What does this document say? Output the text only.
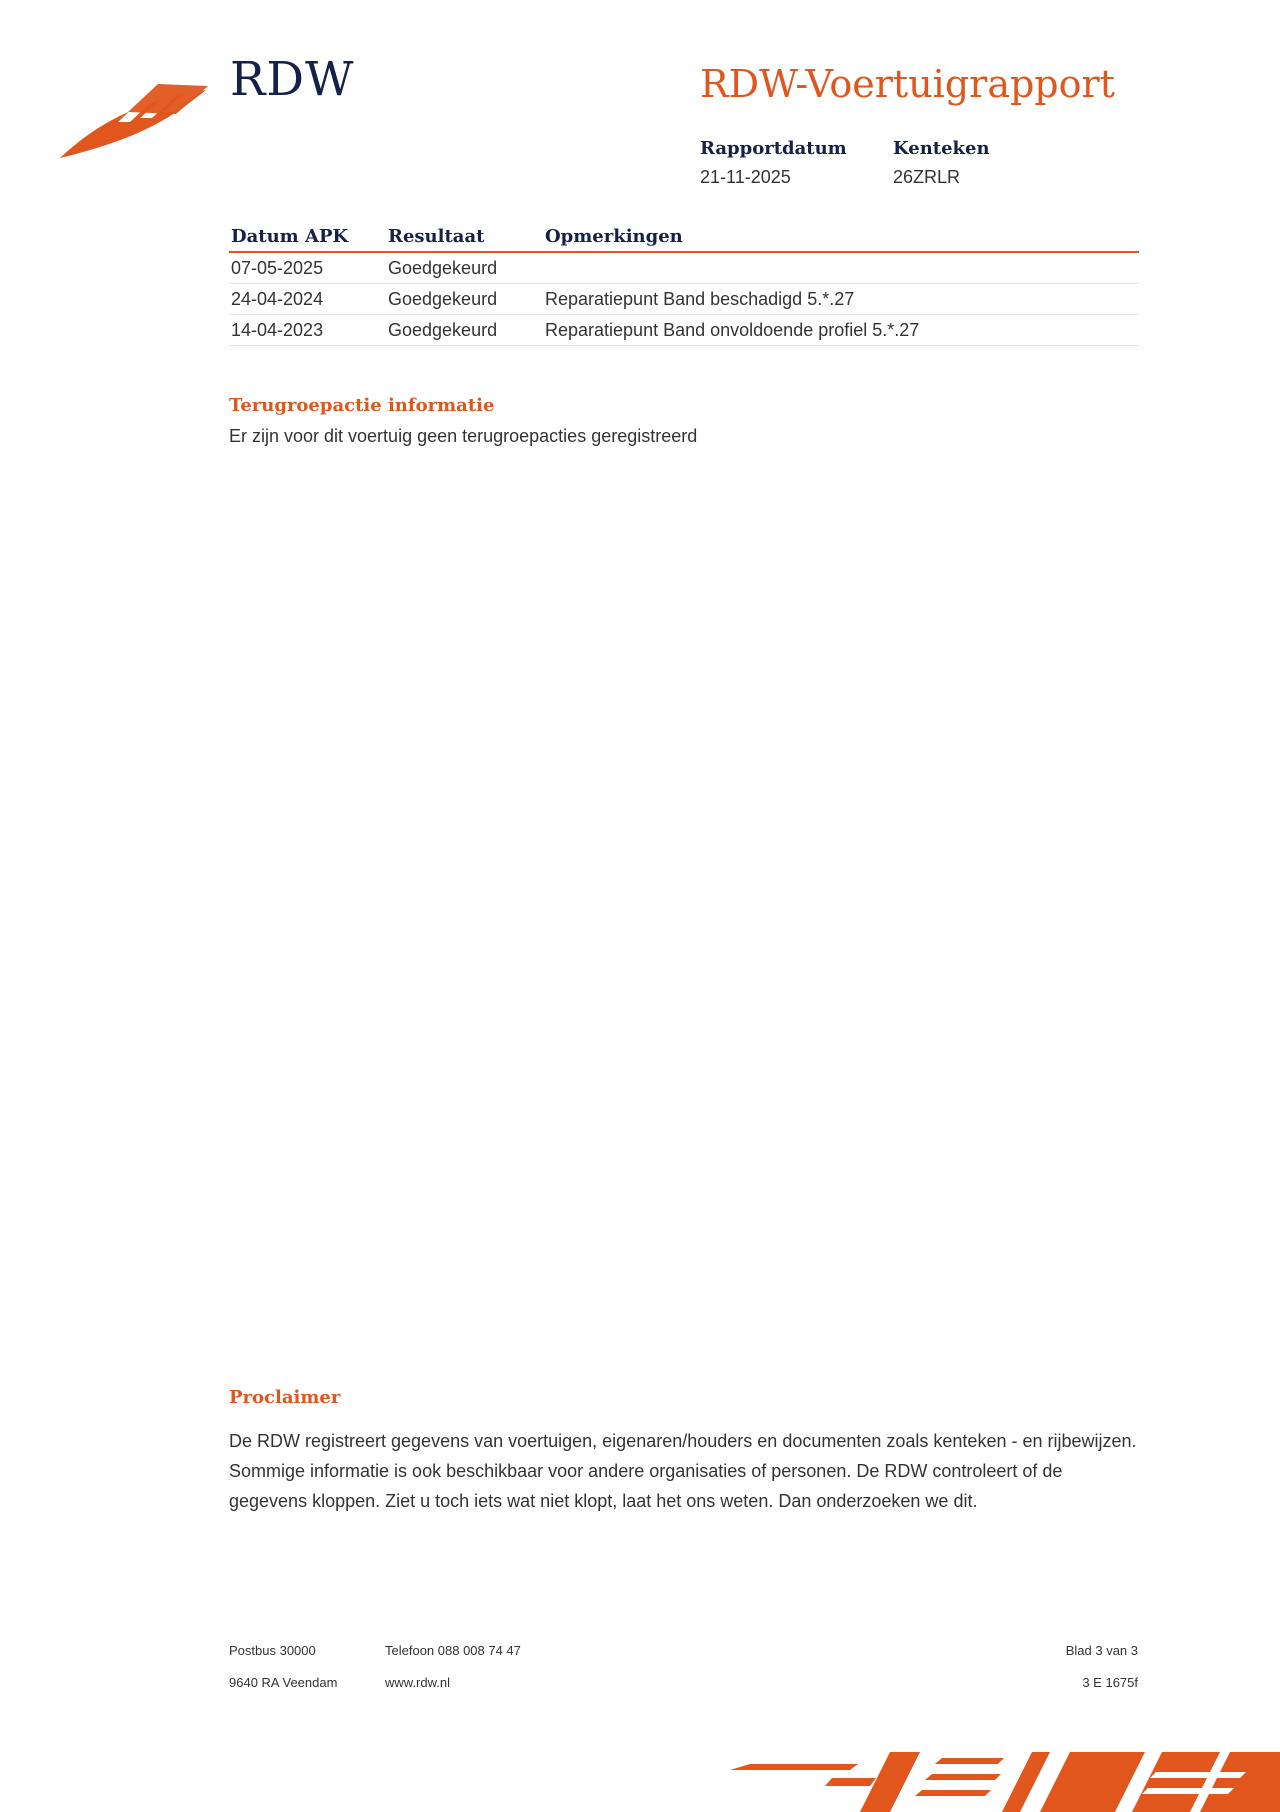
RDW	RDW-Voertuigrapport
Rapportdatum
21-11-2025
Kenteken
26ZRLR
Datum APK	Resultaat	Opmerkingen
07-05-2025	Goedgekeurd	
24-04-2024	Goedgekeurd	Reparatiepunt Band beschadigd 5.*.27
14-04-2023	Goedgekeurd	Reparatiepunt Band onvoldoende profiel 5.*.27
Terugroepactie informatie
Er zijn voor dit voertuig geen terugroepacties geregistreerd
Proclaimer
De RDW registreert gegevens van voertuigen, eigenaren/houders en documenten zoals kenteken - en rijbewijzen. Sommige informatie is ook beschikbaar voor andere organisaties of personen. De RDW controleert of de gegevens kloppen. Ziet u toch iets wat niet klopt, laat het ons weten. Dan onderzoeken we dit.
Postbus 30000
9640 RA Veendam
Telefoon 088 008 74 47
www.rdw.nl
Blad 3 van 3
3 E 1675f
